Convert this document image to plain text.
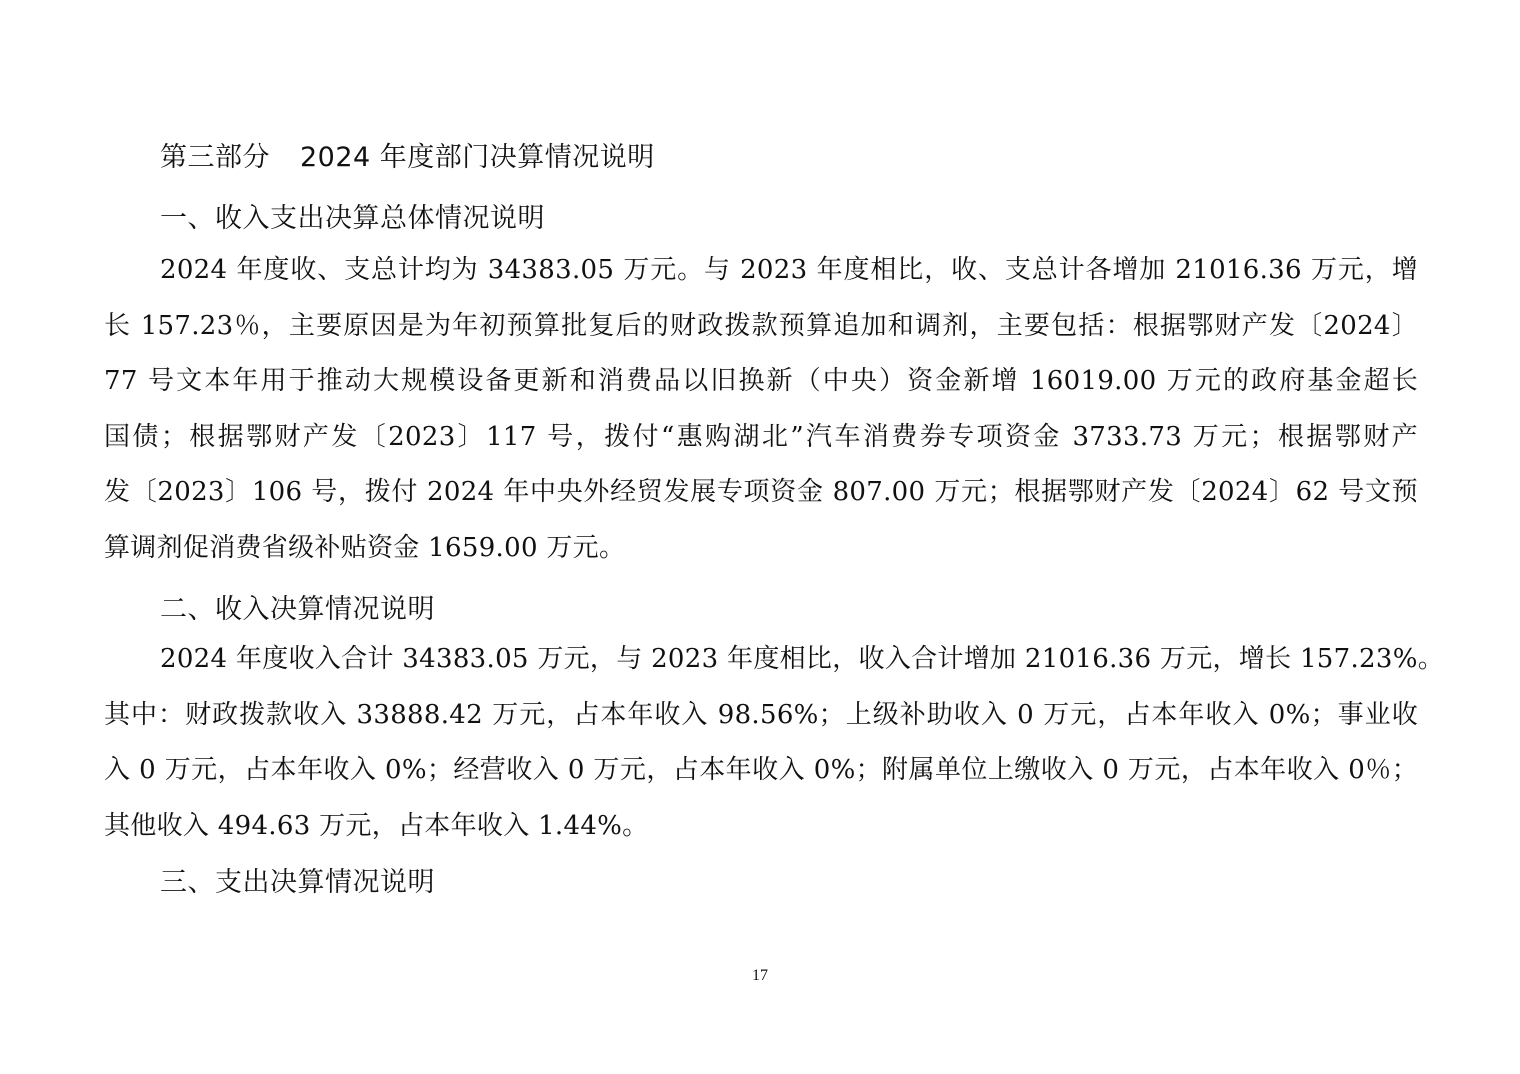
第三部分 2024 年度部门决算情况说明
一、收入支出决算总体情况说明
2024 年度收、支总计均为 34383.05 万元。与 2023 年度相比，收、支总计各增加 21016.36 万元，增
长 157.23％，主要原因是为年初预算批复后的财政拨款预算追加和调剂，主要包括：根据鄂财产发〔2024〕
77 号文本年用于推动大规模设备更新和消费品以旧换新（中央）资金新增 16019.00 万元的政府基金超长
国债；根据鄂财产发〔2023〕117 号，拨付“惠购湖北”汽车消费券专项资金 3733.73 万元；根据鄂财产
发〔2023〕106 号，拨付 2024 年中央外经贸发展专项资金 807.00 万元；根据鄂财产发〔2024〕62 号文预
算调剂促消费省级补贴资金 1659.00 万元。
二、收入决算情况说明
2024 年度收入合计 34383.05 万元，与 2023 年度相比，收入合计增加 21016.36 万元，增长 157.23%。
其中：财政拨款收入 33888.42 万元，占本年收入 98.56%；上级补助收入 0 万元，占本年收入 0%；事业收
入 0 万元，占本年收入 0%；经营收入 0 万元，占本年收入 0%；附属单位上缴收入 0 万元，占本年收入 0％；
其他收入 494.63 万元，占本年收入 1.44%。
三、支出决算情况说明
17
